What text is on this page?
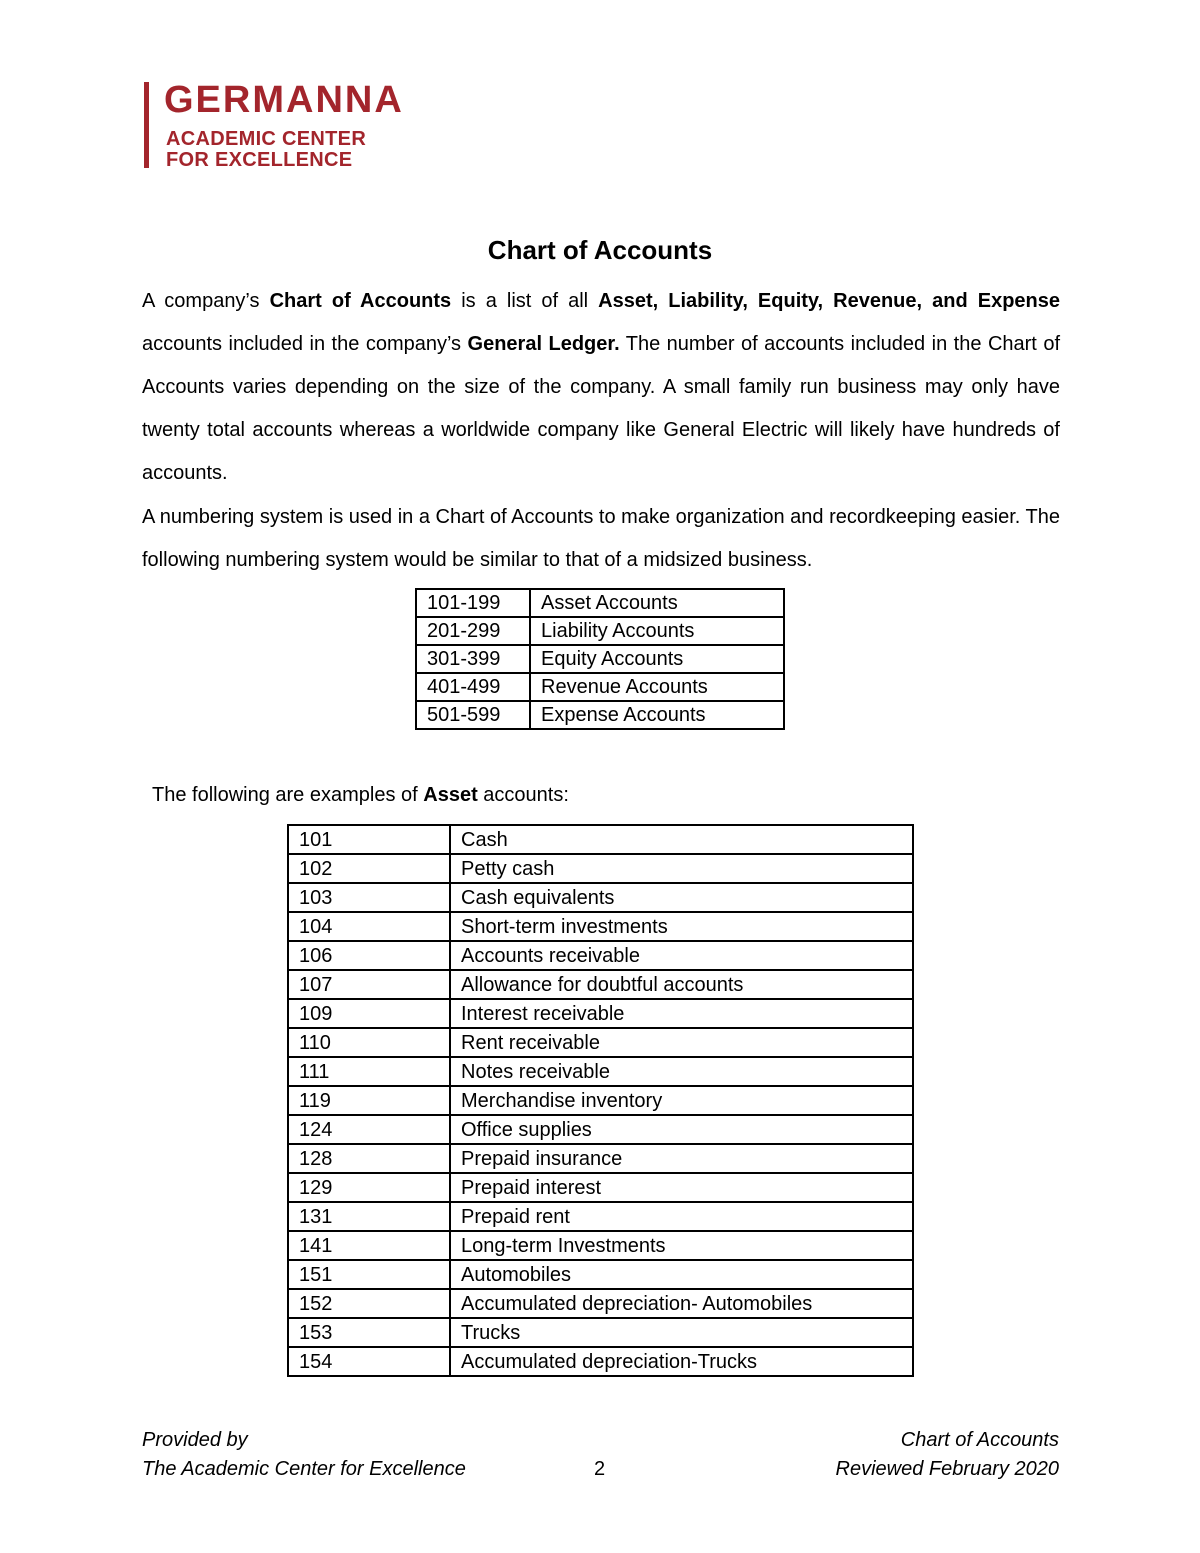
GERMANNA
ACADEMIC CENTER
FOR EXCELLENCE
Chart of Accounts

A company’s Chart of Accounts is a list of all Asset, Liability, Equity, Revenue, and Expense accounts included in the company’s General Ledger. The number of accounts included in the Chart of Accounts varies depending on the size of the company. A small family run business may only have twenty total accounts whereas a worldwide company like General Electric will likely have hundreds of accounts.

A numbering system is used in a Chart of Accounts to make organization and recordkeeping easier. The following numbering system would be similar to that of a midsized business.

101-199	Asset Accounts
201-299	Liability Accounts
301-399	Equity Accounts
401-499	Revenue Accounts
501-599	Expense Accounts

The following are examples of Asset accounts:

101	Cash
102	Petty cash
103	Cash equivalents
104	Short-term investments
106	Accounts receivable
107	Allowance for doubtful accounts
109	Interest receivable
110	Rent receivable
111	Notes receivable
119	Merchandise inventory
124	Office supplies
128	Prepaid insurance
129	Prepaid interest
131	Prepaid rent
141	Long-term Investments
151	Automobiles
152	Accumulated depreciation- Automobiles
153	Trucks
154	Accumulated depreciation-Trucks
Provided by
The Academic Center for Excellence	2
Chart of Accounts
Reviewed February 2020
